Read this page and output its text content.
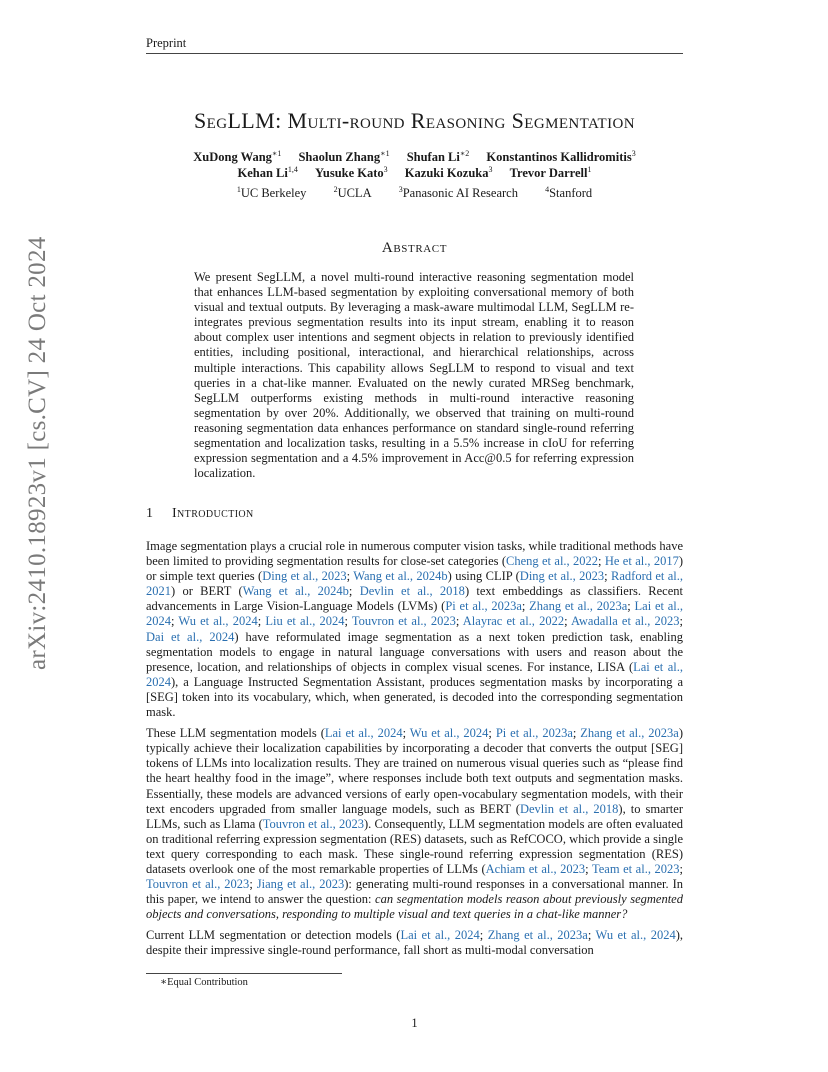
Preprint
arXiv:2410.18923v1 [cs.CV] 24 Oct 2024
SegLLM: Multi-round Reasoning Segmentation
XuDong Wang$^{∗1}$ Shaolun Zhang$^{∗1}$ Shufan $Li^{∗2}$ Konstantinos Kallidromitis$^3$
Kehan Li$^{1,4}$ Yusuke Kato$^3$ Kazuki Kozuka$^3$ Trevor Darrell$^1$
$^1$UC Berkeley	$^2$UCLA	$^3$Panasonic AI Research	$^4$Stanford
Abstract

We present SegLLM, a novel multi-round interactive reasoning segmentation model that enhances LLM-based segmentation by exploiting conversational memory of both visual and textual outputs. By leveraging a mask-aware multimodal LLM, SegLLM re-integrates previous segmentation results into its input stream, enabling it to reason about complex user intentions and segment objects in relation to previously identified entities, including positional, interactional, and hierarchical relationships, across multiple interactions. This capability allows SegLLM to respond to visual and text queries in a chat-like manner. Evaluated on the newly curated MRSeg benchmark, SegLLM outperforms existing methods in multi-round interactive reasoning segmentation by over 20%. Additionally, we observed that training on multi-round reasoning segmentation data enhances performance on standard single-round referring segmentation and localization tasks, resulting in a 5.5% increase in cIoU for referring expression segmentation and a 4.5% improvement in Acc@0.5 for referring expression localization.

1 Introduction

Image segmentation plays a crucial role in numerous computer vision tasks, while traditional methods have been limited to providing segmentation results for close-set categories (Cheng et al., 2022; He et al., 2017) or simple text queries (Ding et al., 2023; Wang et al., 2024b) using CLIP (Ding et al., 2023; Radford et al., 2021) or BERT (Wang et al., 2024b; Devlin et al., 2018) text embeddings as classifiers. Recent advancements in Large Vision-Language Models (LVMs) (Pi et al., 2023a; Zhang et al., 2023a; Lai et al., 2024; Wu et al., 2024; Liu et al., 2024; Touvron et al., 2023; Alayrac et al., 2022; Awadalla et al., 2023; Dai et al., 2024) have reformulated image segmentation as a next token prediction task, enabling segmentation models to engage in natural language conversations with users and reason about the presence, location, and relationships of objects in complex visual scenes. For instance, LISA (Lai et al., 2024), a Language Instructed Segmentation Assistant, produces segmentation masks by incorporating a [SEG] token into its vocabulary, which, when generated, is decoded into the corresponding segmentation mask.

These LLM segmentation models (Lai et al., 2024; Wu et al., 2024; Pi et al., 2023a; Zhang et al., 2023a) typically achieve their localization capabilities by incorporating a decoder that converts the output [SEG] tokens of LLMs into localization results. They are trained on numerous visual queries such as “please find the heart healthy food in the image”, where responses include both text outputs and segmentation masks. Essentially, these models are advanced versions of early open-vocabulary segmentation models, with their text encoders upgraded from smaller language models, such as BERT (Devlin et al., 2018), to smarter LLMs, such as Llama (Touvron et al., 2023). Consequently, LLM segmentation models are often evaluated on traditional referring expression segmentation (RES) datasets, such as RefCOCO, which provide a single text query corresponding to each mask. These single-round referring expression segmentation (RES) datasets overlook one of the most remarkable properties of LLMs (Achiam et al., 2023; Team et al., 2023; Touvron et al., 2023; Jiang et al., 2023): generating multi-round responses in a conversational manner. In this paper, we intend to answer the question: can segmentation models reason about previously segmented objects and conversations, responding to multiple visual and text queries in a chat-like manner?

Current LLM segmentation or detection models (Lai et al., 2024; Zhang et al., 2023a; Wu et al., 2024), despite their impressive single-round performance, fall short as multi-modal conversation

∗Equal Contribution
1
